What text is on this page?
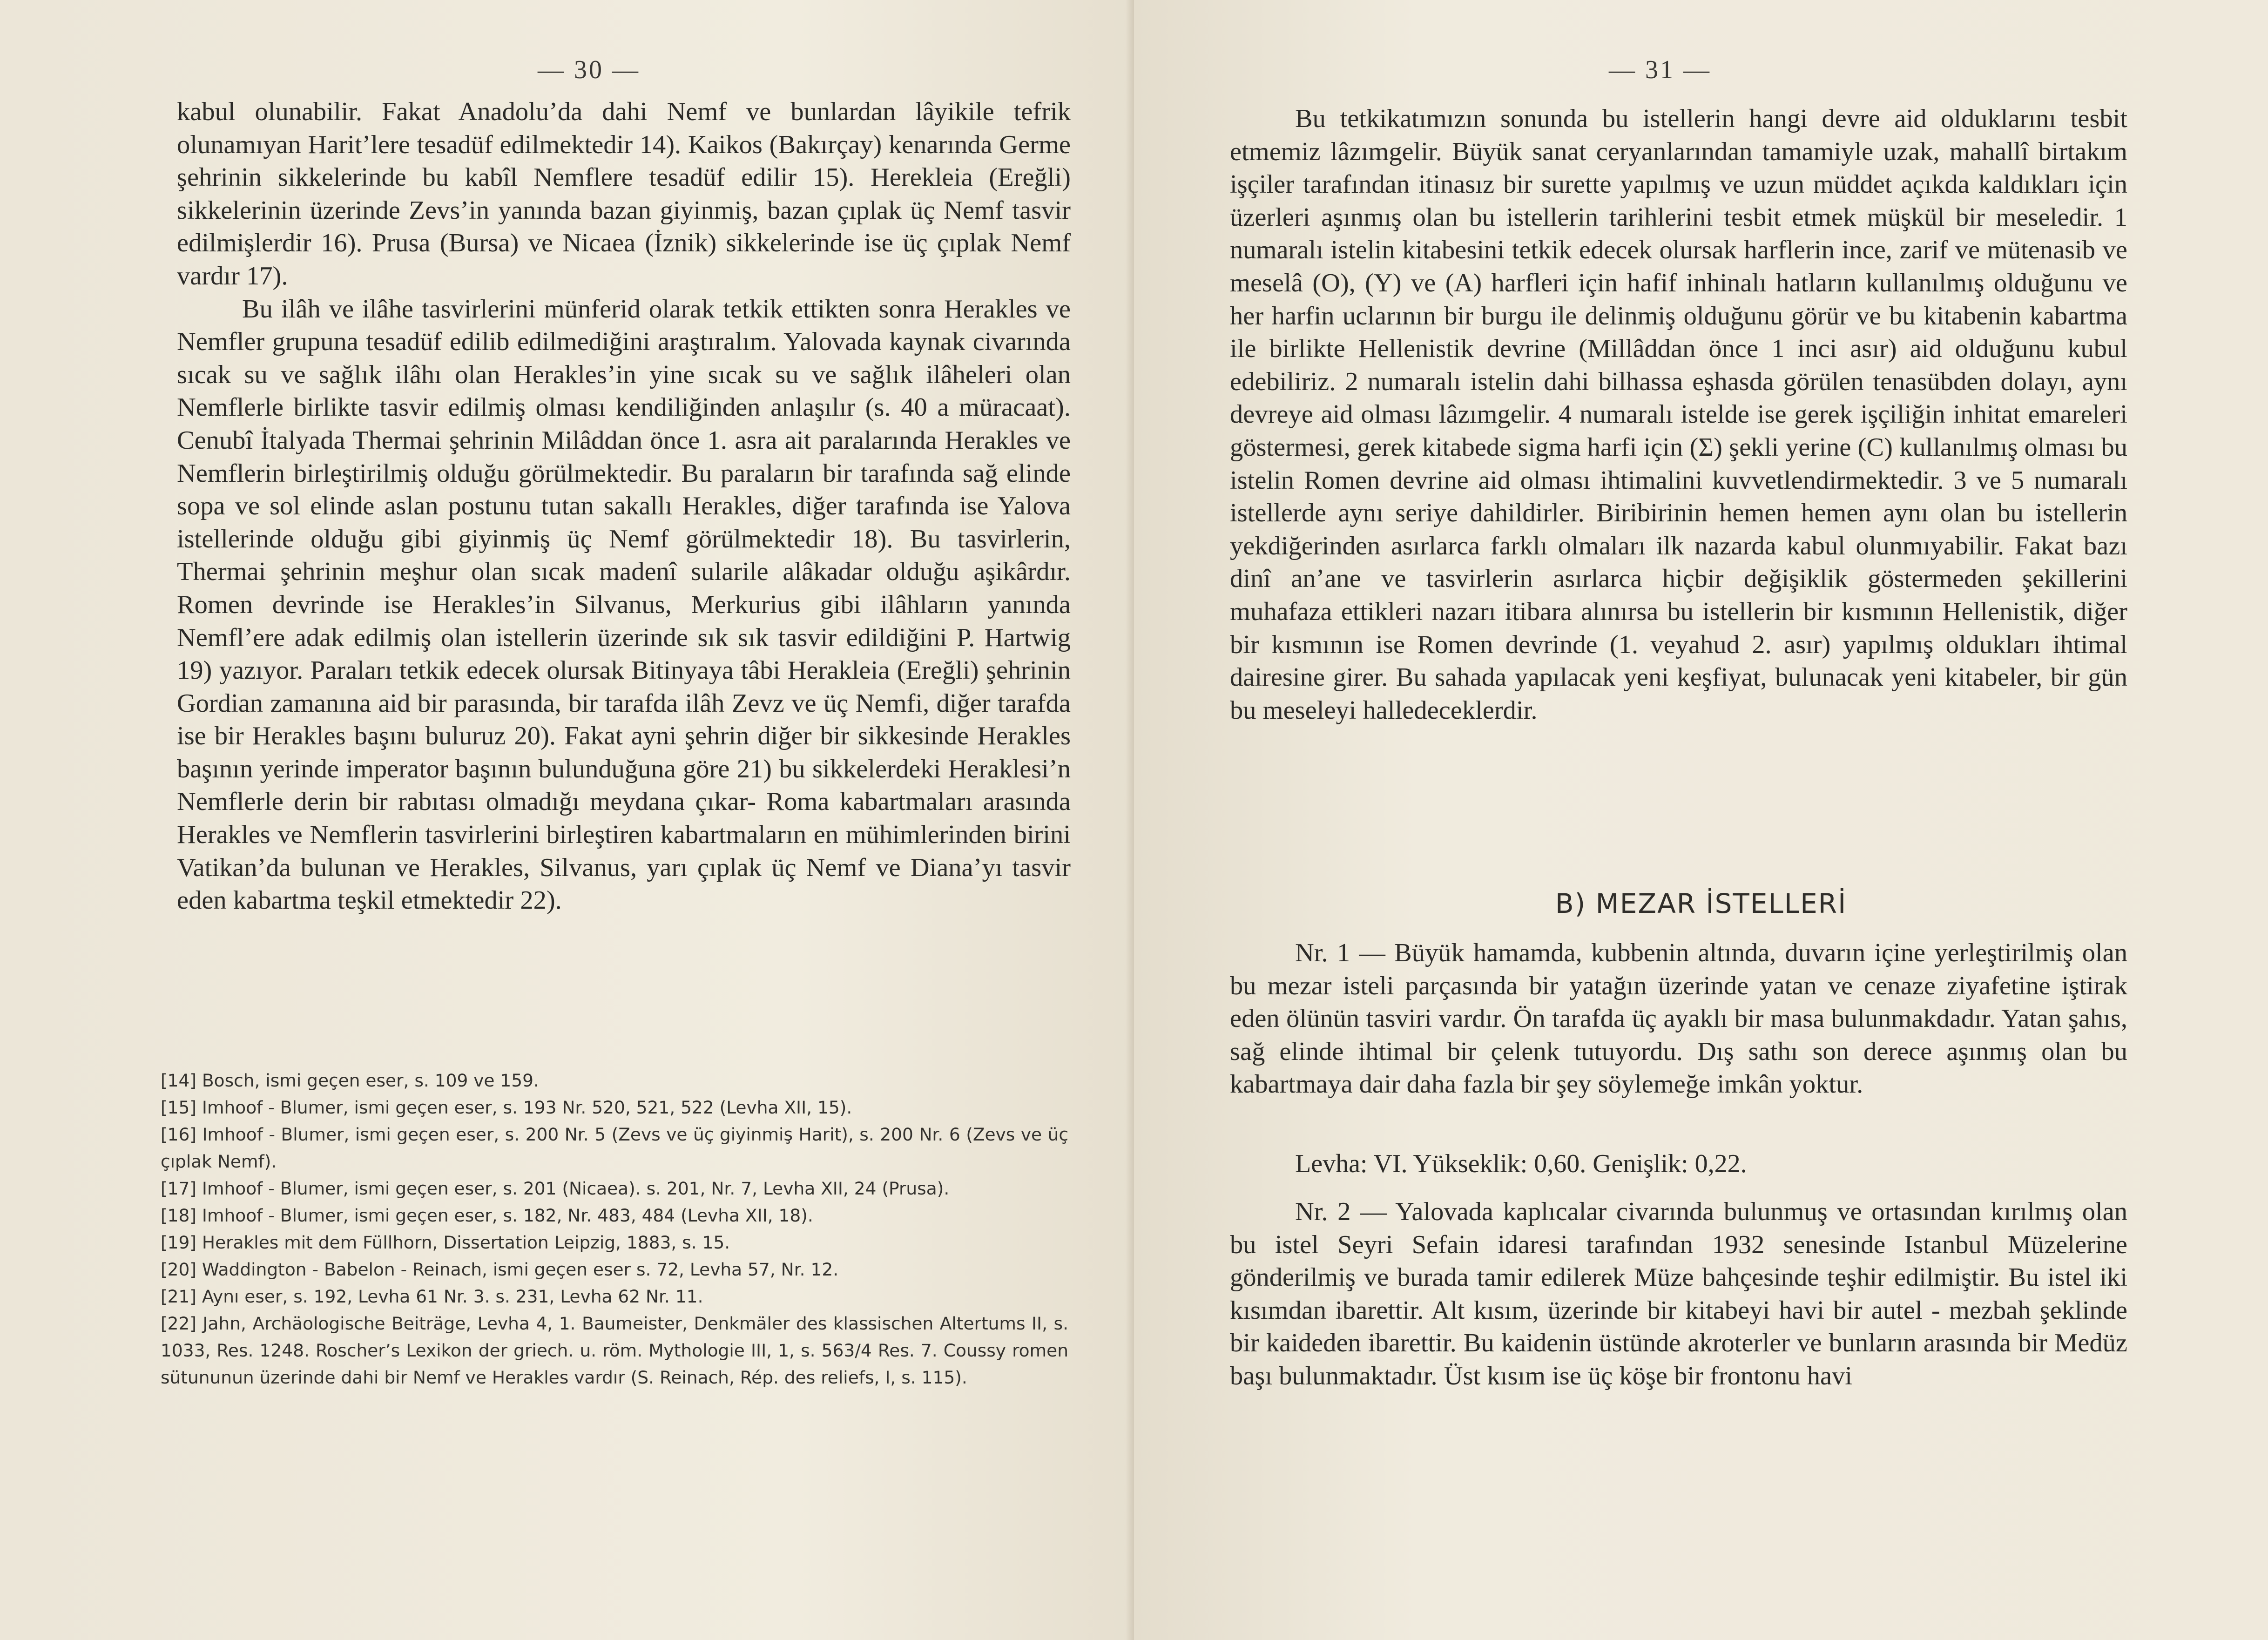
— 30 —

kabul olunabilir. Fakat Anadolu’da dahi Nemf ve bunlardan lâyikile tefrik olunamıyan Harit’lere tesadüf edilmektedir 14). Kaikos (Bakırçay) kenarında Germe şehrinin sikkelerinde bu kabîl Nemflere tesadüf edilir 15). Herekleia (Ereğli) sikkelerinin üzerinde Zevs’in yanında bazan giyinmiş, bazan çıplak üç Nemf tasvir edilmişlerdir 16). Prusa (Bursa) ve Nicaea (İznik) sikkelerinde ise üç çıplak Nemf vardır 17).

Bu ilâh ve ilâhe tasvirlerini münferid olarak tetkik ettikten sonra Herakles ve Nemfler grupuna tesadüf edilib edilmediğini araştıralım. Yalovada kaynak civarında sıcak su ve sağlık ilâhı olan Herakles’in yine sıcak su ve sağlık ilâheleri olan Nemflerle birlikte tasvir edilmiş olması kendiliğinden anlaşılır (s. 40 a müracaat). Cenubî İtalyada Thermai şehrinin Milâddan önce 1. asra ait paralarında Herakles ve Nemflerin birleştirilmiş olduğu görülmektedir. Bu paraların bir tarafında sağ elinde sopa ve sol elinde aslan postunu tutan sakallı Herakles, diğer tarafında ise Yalova istellerinde olduğu gibi giyinmiş üç Nemf görülmektedir 18). Bu tasvirlerin, Thermai şehrinin meşhur olan sıcak madenî sularile alâkadar olduğu aşikârdır. Romen devrinde ise Herakles’in Silvanus, Merkurius gibi ilâhların yanında Nemfl’ere adak edilmiş olan istellerin üzerinde sık sık tasvir edildiğini P. Hartwig 19) yazıyor. Paraları tetkik edecek olursak Bitinyaya tâbi Herakleia (Ereğli) şehrinin Gordian zamanına aid bir parasında, bir tarafda ilâh Zevz ve üç Nemfi, diğer tarafda ise bir Herakles başını buluruz 20). Fakat ayni şehrin diğer bir sikkesinde Herakles başının yerinde imperator başının bulunduğuna göre 21) bu sikkelerdeki Heraklesi’n Nemflerle derin bir rabıtası olmadığı meydana çıkar- Roma kabartmaları arasında Herakles ve Nemflerin tasvirlerini birleştiren kabartmaların en mühimlerinden birini Vatikan’da bulunan ve Herakles, Silvanus, yarı çıplak üç Nemf ve Diana’yı tasvir eden kabartma teşkil etmektedir 22).

[14] Bosch, ismi geçen eser, s. 109 ve 159.

[15] Imhoof - Blumer, ismi geçen eser, s. 193 Nr. 520, 521, 522 (Levha XII, 15).

[16] Imhoof - Blumer, ismi geçen eser, s. 200 Nr. 5 (Zevs ve üç giyinmiş Harit), s. 200 Nr. 6 (Zevs ve üç çıplak Nemf).

[17] Imhoof - Blumer, ismi geçen eser, s. 201 (Nicaea). s. 201, Nr. 7, Levha XII, 24 (Prusa).

[18] Imhoof - Blumer, ismi geçen eser, s. 182, Nr. 483, 484 (Levha XII, 18).

[19] Herakles mit dem Füllhorn, Dissertation Leipzig, 1883, s. 15.

[20] Waddington - Babelon - Reinach, ismi geçen eser s. 72, Levha 57, Nr. 12.

[21] Aynı eser, s. 192, Levha 61 Nr. 3. s. 231, Levha 62 Nr. 11.

[22] Jahn, Archäologische Beiträge, Levha 4, 1. Baumeister, Denkmäler des klassischen Altertums II, s. 1033, Res. 1248. Roscher’s Lexikon der griech. u. röm. Mythologie III, 1, s. 563/4 Res. 7. Coussy romen sütununun üzerinde dahi bir Nemf ve Herakles vardır (S. Reinach, Rép. des reliefs, I, s. 115).

— 31 —

Bu tetkikatımızın sonunda bu istellerin hangi devre aid olduklarını tesbit etmemiz lâzımgelir. Büyük sanat ceryanlarından tamamiyle uzak, mahallî birtakım işçiler tarafından itinasız bir surette yapılmış ve uzun müddet açıkda kaldıkları için üzerleri aşınmış olan bu istellerin tarihlerini tesbit etmek müşkül bir meseledir. 1 numaralı istelin kitabesini tetkik edecek olursak harflerin ince, zarif ve mütenasib ve meselâ (O), (Y) ve (A) harfleri için hafif inhinalı hatların kullanılmış olduğunu ve her harfin uclarının bir burgu ile delinmiş olduğunu görür ve bu kitabenin kabartma ile birlikte Hellenistik devrine (Millâddan önce 1 inci asır) aid olduğunu kubul edebiliriz. 2 numaralı istelin dahi bilhassa eşhasda görülen tenasübden dolayı, aynı devreye aid olması lâzımgelir. 4 numaralı istelde ise gerek işçiliğin inhitat emareleri göstermesi, gerek kitabede sigma harfi için (Σ) şekli yerine (C) kullanılmış olması bu istelin Romen devrine aid olması ihtimalini kuvvetlendirmektedir. 3 ve 5 numaralı istellerde aynı seriye dahildirler. Biribirinin hemen hemen aynı olan bu istellerin yekdiğerinden asırlarca farklı olmaları ilk nazarda kabul olunmıyabilir. Fakat bazı dinî an’ane ve tasvirlerin asırlarca hiçbir değişiklik göstermeden şekillerini muhafaza ettikleri nazarı itibara alınırsa bu istellerin bir kısmının Hellenistik, diğer bir kısmının ise Romen devrinde (1. veyahud 2. asır) yapılmış oldukları ihtimal dairesine girer. Bu sahada yapılacak yeni keşfiyat, bulunacak yeni kitabeler, bir gün bu meseleyi halledeceklerdir.

B) MEZAR İSTELLERİ

Nr. 1 — Büyük hamamda, kubbenin altında, duvarın içine yerleştirilmiş olan bu mezar isteli parçasında bir yatağın üzerinde yatan ve cenaze ziyafetine iştirak eden ölünün tasviri vardır. Ön tarafda üç ayaklı bir masa bulunmakdadır. Yatan şahıs, sağ elinde ihtimal bir çelenk tutuyordu. Dış sathı son derece aşınmış olan bu kabartmaya dair daha fazla bir şey söylemeğe imkân yoktur.

Levha: VI. Yükseklik: 0,60. Genişlik: 0,22.

Nr. 2 — Yalovada kaplıcalar civarında bulunmuş ve ortasından kırılmış olan bu istel Seyri Sefain idaresi tarafından 1932 senesinde Istanbul Müzelerine gönderilmiş ve burada tamir edilerek Müze bahçesinde teşhir edilmiştir. Bu istel iki kısımdan ibarettir. Alt kısım, üzerinde bir kitabeyi havi bir autel - mezbah şeklinde bir kaideden ibarettir. Bu kaidenin üstünde akroterler ve bunların arasında bir Medüz başı bulunmaktadır. Üst kısım ise üç köşe bir frontonu havi
